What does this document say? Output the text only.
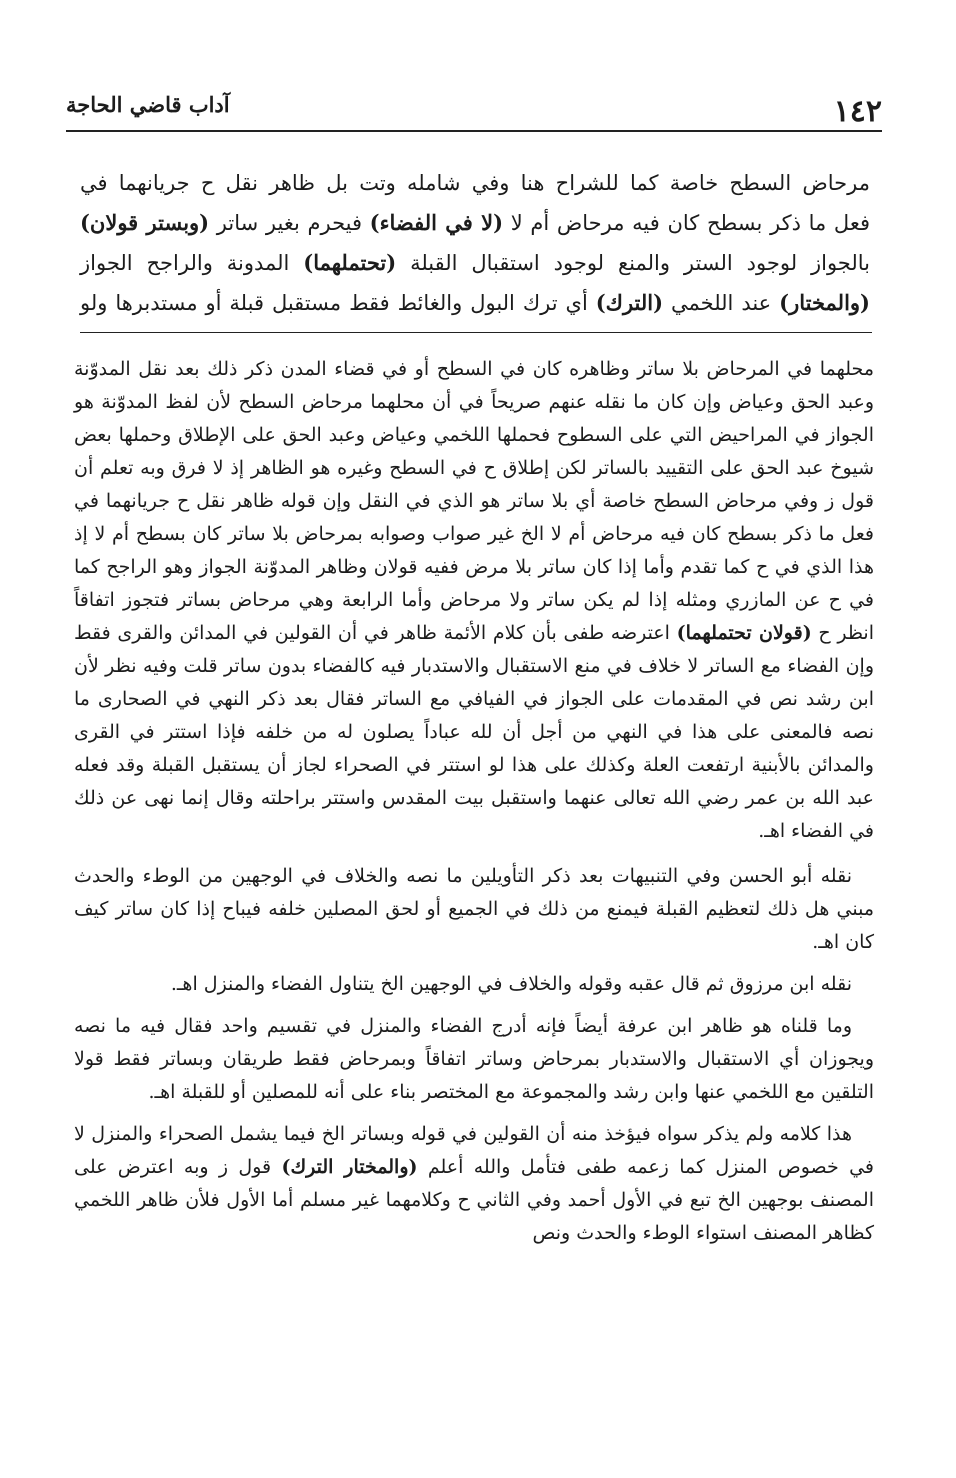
١٤٢
آداب قاضي الحاجة

مرحاض السطح خاصة كما للشراح هنا وفي شامله وتت بل ظاهر نقل ح جريانهما في

فعل ما ذكر بسطح كان فيه مرحاض أم لا (لا في الفضاء) فيحرم بغير ساتر (وبستر قولان)

بالجواز لوجود الستر والمنع لوجود استقبال القبلة (تحتملهما) المدونة والراجح الجواز

(والمختار) عند اللخمي (الترك) أي ترك البول والغائط فقط مستقبل قبلة أو مستدبرها ولو

محلهما في المرحاض بلا ساتر وظاهره كان في السطح أو في قضاء المدن ذكر ذلك بعد نقل المدوّنة وعبد الحق وعياض وإن كان ما نقله عنهم صريحاً في أن محلهما مرحاض السطح لأن لفظ المدوّنة هو الجواز في المراحيض التي على السطوح فحملها اللخمي وعياض وعبد الحق على الإطلاق وحملها بعض شيوخ عبد الحق على التقييد بالساتر لكن إطلاق ح في السطح وغيره هو الظاهر إذ لا فرق وبه تعلم أن قول ز وفي مرحاض السطح خاصة أي بلا ساتر هو الذي في النقل وإن قوله ظاهر نقل ح جريانهما في فعل ما ذكر بسطح كان فيه مرحاض أم لا الخ غير صواب وصوابه بمرحاض بلا ساتر كان بسطح أم لا إذ هذا الذي في ح كما تقدم وأما إذا كان ساتر بلا مرض ففيه قولان وظاهر المدوّنة الجواز وهو الراجح كما في ح عن المازري ومثله إذا لم يكن ساتر ولا مرحاض وأما الرابعة وهي مرحاض بساتر فتجوز اتفاقاً انظر ح (قولان تحتملهما) اعترضه طفى بأن كلام الأئمة ظاهر في أن القولين في المدائن والقرى فقط وإن الفضاء مع الساتر لا خلاف في منع الاستقبال والاستدبار فيه كالفضاء بدون ساتر قلت وفيه نظر لأن ابن رشد نص في المقدمات على الجواز في الفيافي مع الساتر فقال بعد ذكر النهي في الصحارى ما نصه فالمعنى على هذا في النهي من أجل أن لله عباداً يصلون له من خلفه فإذا استتر في القرى والمدائن بالأبنية ارتفعت العلة وكذلك على هذا لو استتر في الصحراء لجاز أن يستقبل القبلة وقد فعله عبد الله بن عمر رضي الله تعالى عنهما واستقبل بيت المقدس واستتر براحلته وقال إنما نهى عن ذلك في الفضاء اهـ.

نقله أبو الحسن وفي التنبيهات بعد ذكر التأويلين ما نصه والخلاف في الوجهين من الوطء والحدث مبني هل ذلك لتعظيم القبلة فيمنع من ذلك في الجميع أو لحق المصلين خلفه فيباح إذا كان ساتر كيف كان اهـ.

نقله ابن مرزوق ثم قال عقبه وقوله والخلاف في الوجهين الخ يتناول الفضاء والمنزل اهـ.

وما قلناه هو ظاهر ابن عرفة أيضاً فإنه أدرج الفضاء والمنزل في تقسيم واحد فقال فيه ما نصه ويجوزان أي الاستقبال والاستدبار بمرحاض وساتر اتفاقاً وبمرحاض فقط طريقان وبساتر فقط قولا التلقين مع اللخمي عنها وابن رشد والمجموعة مع المختصر بناء على أنه للمصلين أو للقبلة اهـ.

هذا كلامه ولم يذكر سواه فيؤخذ منه أن القولين في قوله وبساتر الخ فيما يشمل الصحراء والمنزل لا في خصوص المنزل كما زعمه طفى فتأمل والله أعلم (والمختار الترك) قول ز وبه اعترض على المصنف بوجهين الخ تبع في الأول أحمد وفي الثاني ح وكلامهما غير مسلم أما الأول فلأن ظاهر اللخمي كظاهر المصنف استواء الوطء والحدث ونص
